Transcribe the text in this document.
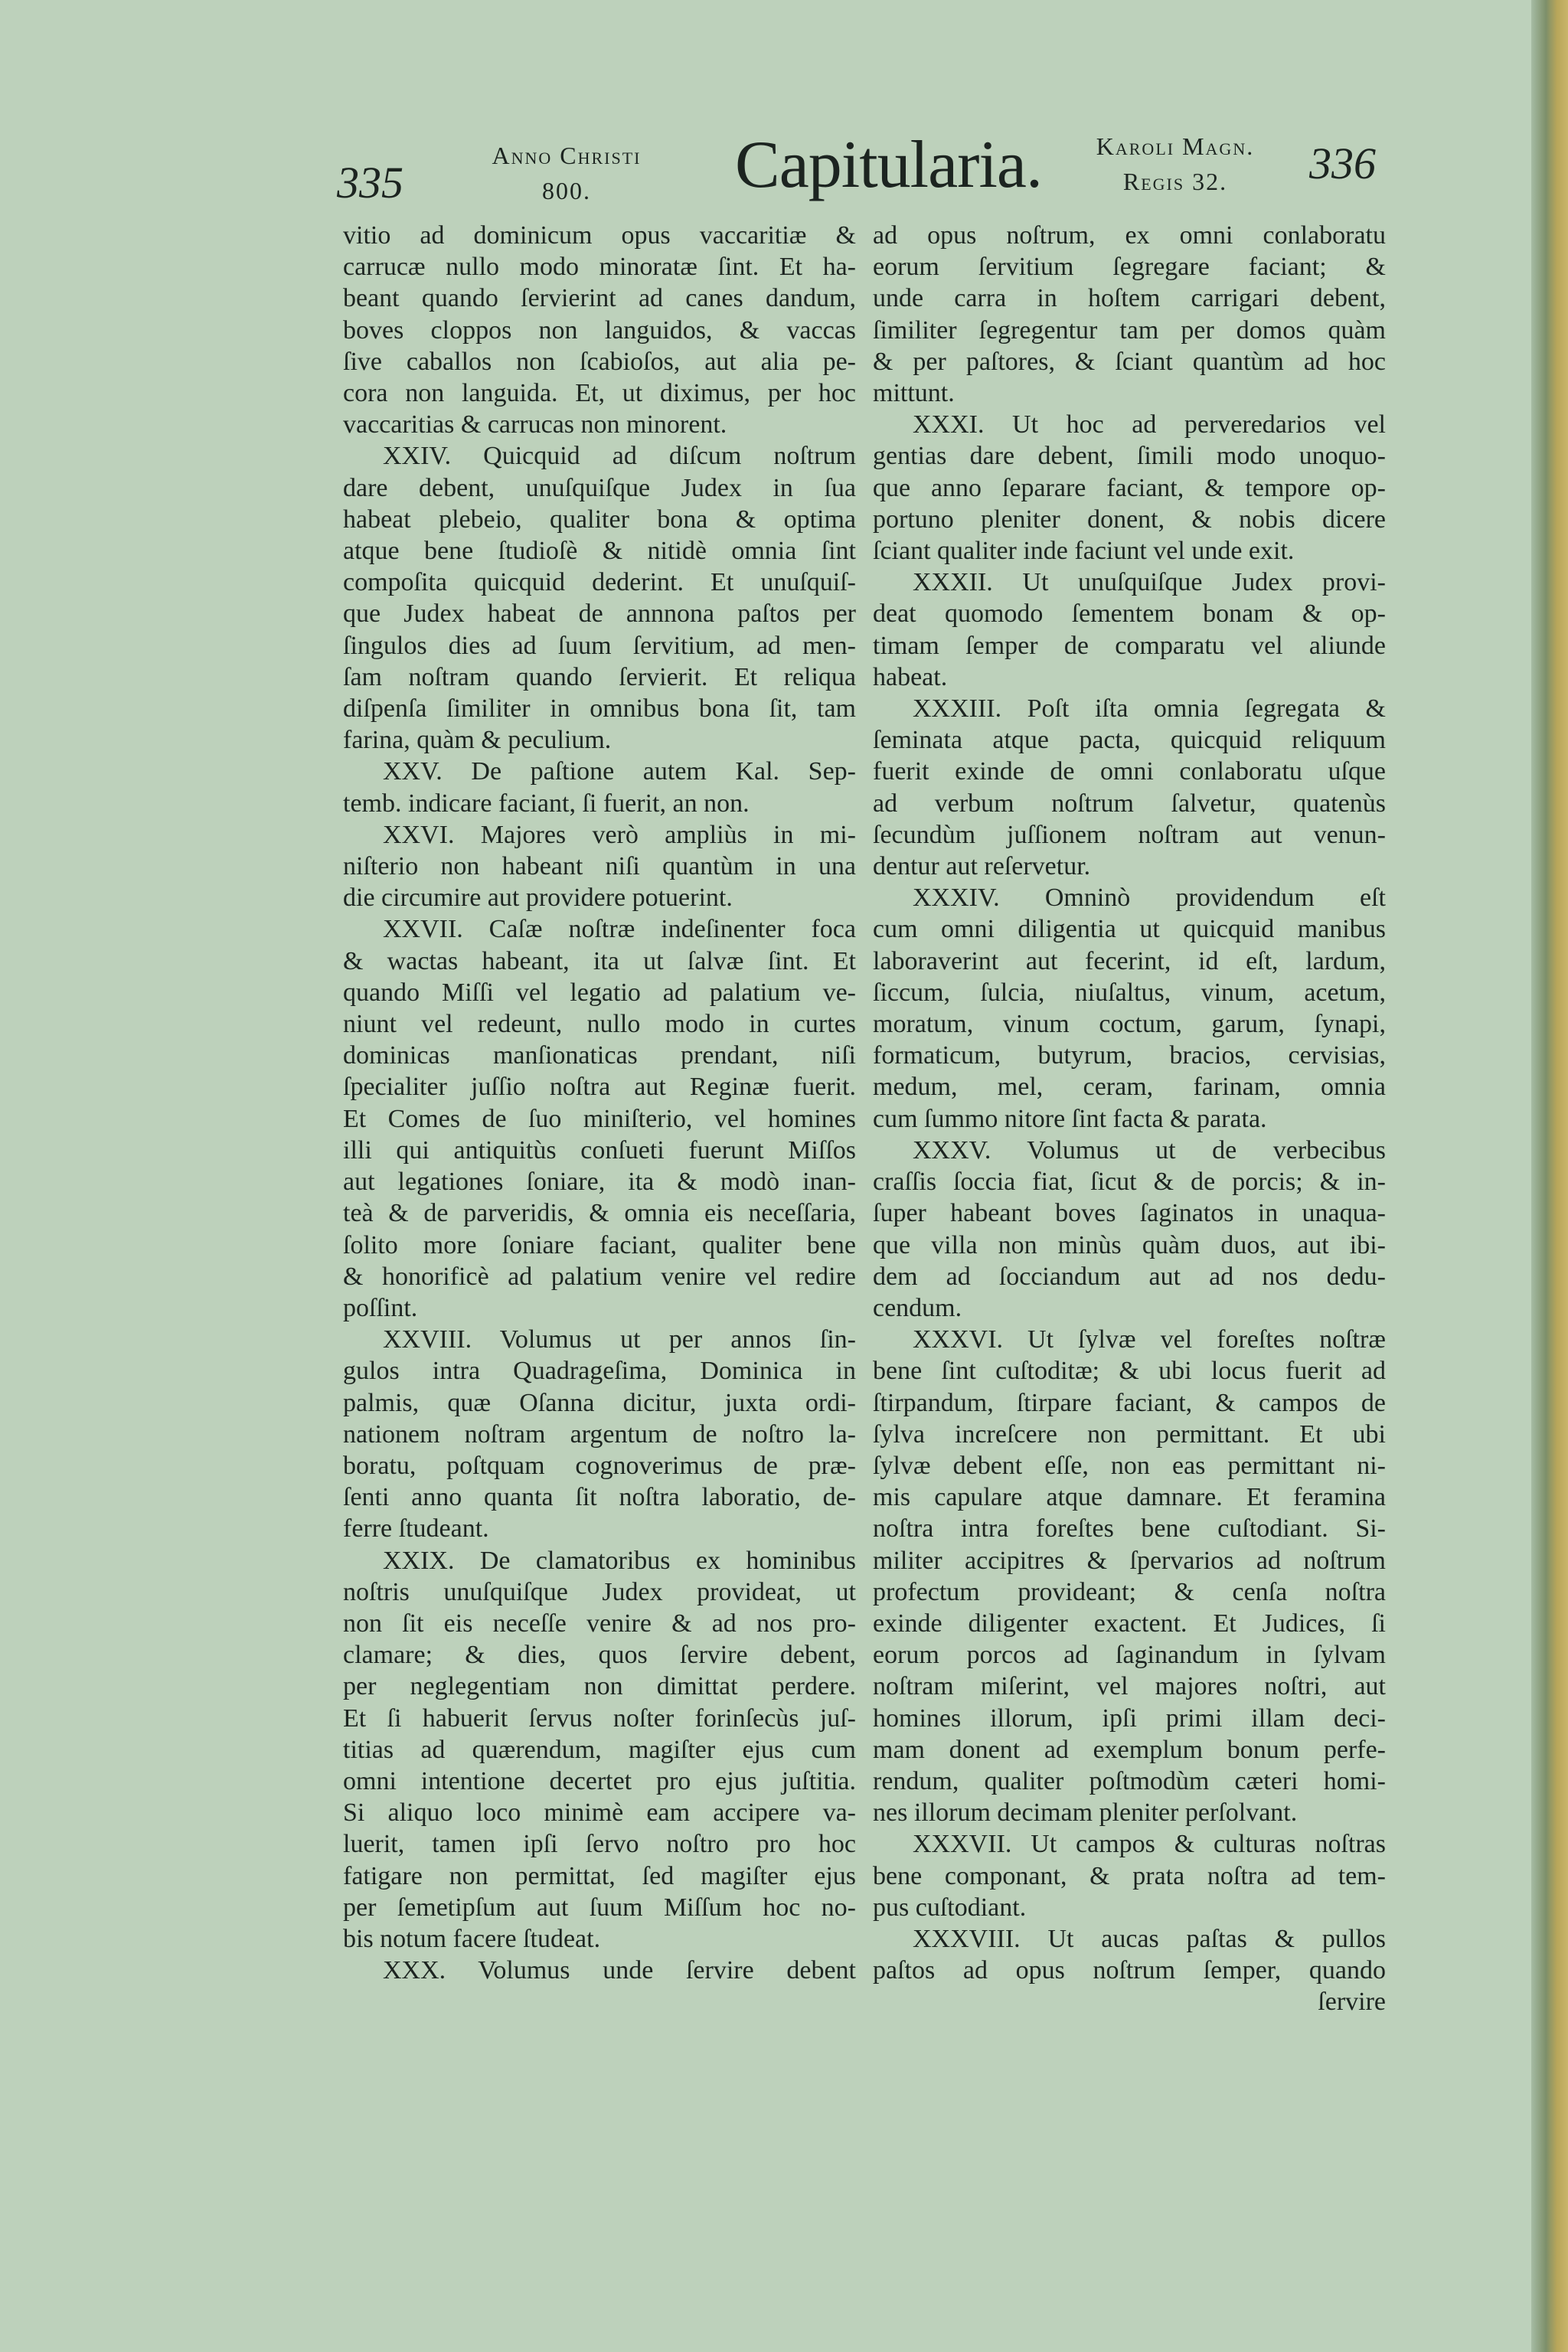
335
Anno Christi
800.	Capitularia.	Karoli Magn.
Regis 32.	336
vitio ad dominicum opus vaccaritiæ &
carrucæ nullo modo minoratæ ſint. Et ha-
beant quando ſervierint ad canes dandum,
boves cloppos non languidos, & vaccas
ſive caballos non ſcabioſos, aut alia pe-
cora non languida. Et, ut diximus, per hoc
vaccaritias & carrucas non minorent.
XXIV. Quicquid ad diſcum noſtrum
dare debent, unuſquiſque Judex in ſua
habeat plebeio, qualiter bona & optima
atque bene ſtudioſè & nitidè omnia ſint
compoſita quicquid dederint. Et unuſquiſ-
que Judex habeat de annnona paſtos per
ſingulos dies ad ſuum ſervitium, ad men-
ſam noſtram quando ſervierit. Et reliqua
diſpenſa ſimiliter in omnibus bona ſit, tam
farina, quàm & peculium.
XXV. De paſtione autem Kal. Sep-
temb. indicare faciant, ſi fuerit, an non.
XXVI. Majores verò ampliùs in mi-
niſterio non habeant niſi quantùm in una
die circumire aut providere potuerint.
XXVII. Caſæ noſtræ indeſinenter foca
& wactas habeant, ita ut ſalvæ ſint. Et
quando Miſſi vel legatio ad palatium ve-
niunt vel redeunt, nullo modo in curtes
dominicas manſionaticas prendant, niſi
ſpecialiter juſſio noſtra aut Reginæ fuerit.
Et Comes de ſuo miniſterio, vel homines
illi qui antiquitùs conſueti fuerunt Miſſos
aut legationes ſoniare, ita & modò inan-
teà & de parveridis, & omnia eis neceſſaria,
ſolito more ſoniare faciant, qualiter bene
& honorificè ad palatium venire vel redire
poſſint.
XXVIII. Volumus ut per annos ſin-
gulos intra Quadrageſima, Dominica in
palmis, quæ Oſanna dicitur, juxta ordi-
nationem noſtram argentum de noſtro la-
boratu, poſtquam cognoverimus de præ-
ſenti anno quanta ſit noſtra laboratio, de-
ferre ſtudeant.
XXIX. De clamatoribus ex hominibus
noſtris unuſquiſque Judex provideat, ut
non ſit eis neceſſe venire & ad nos pro-
clamare; & dies, quos ſervire debent,
per neglegentiam non dimittat perdere.
Et ſi habuerit ſervus noſter forinſecùs juſ-
titias ad quærendum, magiſter ejus cum
omni intentione decertet pro ejus juſtitia.
Si aliquo loco minimè eam accipere va-
luerit, tamen ipſi ſervo noſtro pro hoc
fatigare non permittat, ſed magiſter ejus
per ſemetipſum aut ſuum Miſſum hoc no-
bis notum facere ſtudeat.
XXX. Volumus unde ſervire debent
ad opus noſtrum, ex omni conlaboratu
eorum ſervitium ſegregare faciant; &
unde carra in hoſtem carrigari debent,
ſimiliter ſegregentur tam per domos quàm
& per paſtores, & ſciant quantùm ad hoc
mittunt.
XXXI. Ut hoc ad perveredarios vel
gentias dare debent, ſimili modo unoquo-
que anno ſeparare faciant, & tempore op-
portuno pleniter donent, & nobis dicere
ſciant qualiter inde faciunt vel unde exit.
XXXII. Ut unuſquiſque Judex provi-
deat quomodo ſementem bonam & op-
timam ſemper de comparatu vel aliunde
habeat.
XXXIII. Poſt iſta omnia ſegregata &
ſeminata atque pacta, quicquid reliquum
fuerit exinde de omni conlaboratu uſque
ad verbum noſtrum ſalvetur, quatenùs
ſecundùm juſſionem noſtram aut venun-
dentur aut reſervetur.
XXXIV. Omninò providendum eſt
cum omni diligentia ut quicquid manibus
laboraverint aut fecerint, id eſt, lardum,
ſiccum, ſulcia, niuſaltus, vinum, acetum,
moratum, vinum coctum, garum, ſynapi,
formaticum, butyrum, bracios, cervisias,
medum, mel, ceram, farinam, omnia
cum ſummo nitore ſint facta & parata.
XXXV. Volumus ut de verbecibus
craſſis ſoccia fiat, ſicut & de porcis; & in-
ſuper habeant boves ſaginatos in unaqua-
que villa non minùs quàm duos, aut ibi-
dem ad ſocciandum aut ad nos dedu-
cendum.
XXXVI. Ut ſylvæ vel foreſtes noſtræ
bene ſint cuſtoditæ; & ubi locus fuerit ad
ſtirpandum, ſtirpare faciant, & campos de
ſylva increſcere non permittant. Et ubi
ſylvæ debent eſſe, non eas permittant ni-
mis capulare atque damnare. Et feramina
noſtra intra foreſtes bene cuſtodiant. Si-
militer accipitres & ſpervarios ad noſtrum
profectum provideant; & cenſa noſtra
exinde diligenter exactent. Et Judices, ſi
eorum porcos ad ſaginandum in ſylvam
noſtram miſerint, vel majores noſtri, aut
homines illorum, ipſi primi illam deci-
mam donent ad exemplum bonum perfe-
rendum, qualiter poſtmodùm cæteri homi-
nes illorum decimam pleniter perſolvant.
XXXVII. Ut campos & culturas noſtras
bene componant, & prata noſtra ad tem-
pus cuſtodiant.
XXXVIII. Ut aucas paſtas & pullos
paſtos ad opus noſtrum ſemper, quando
ſervire
